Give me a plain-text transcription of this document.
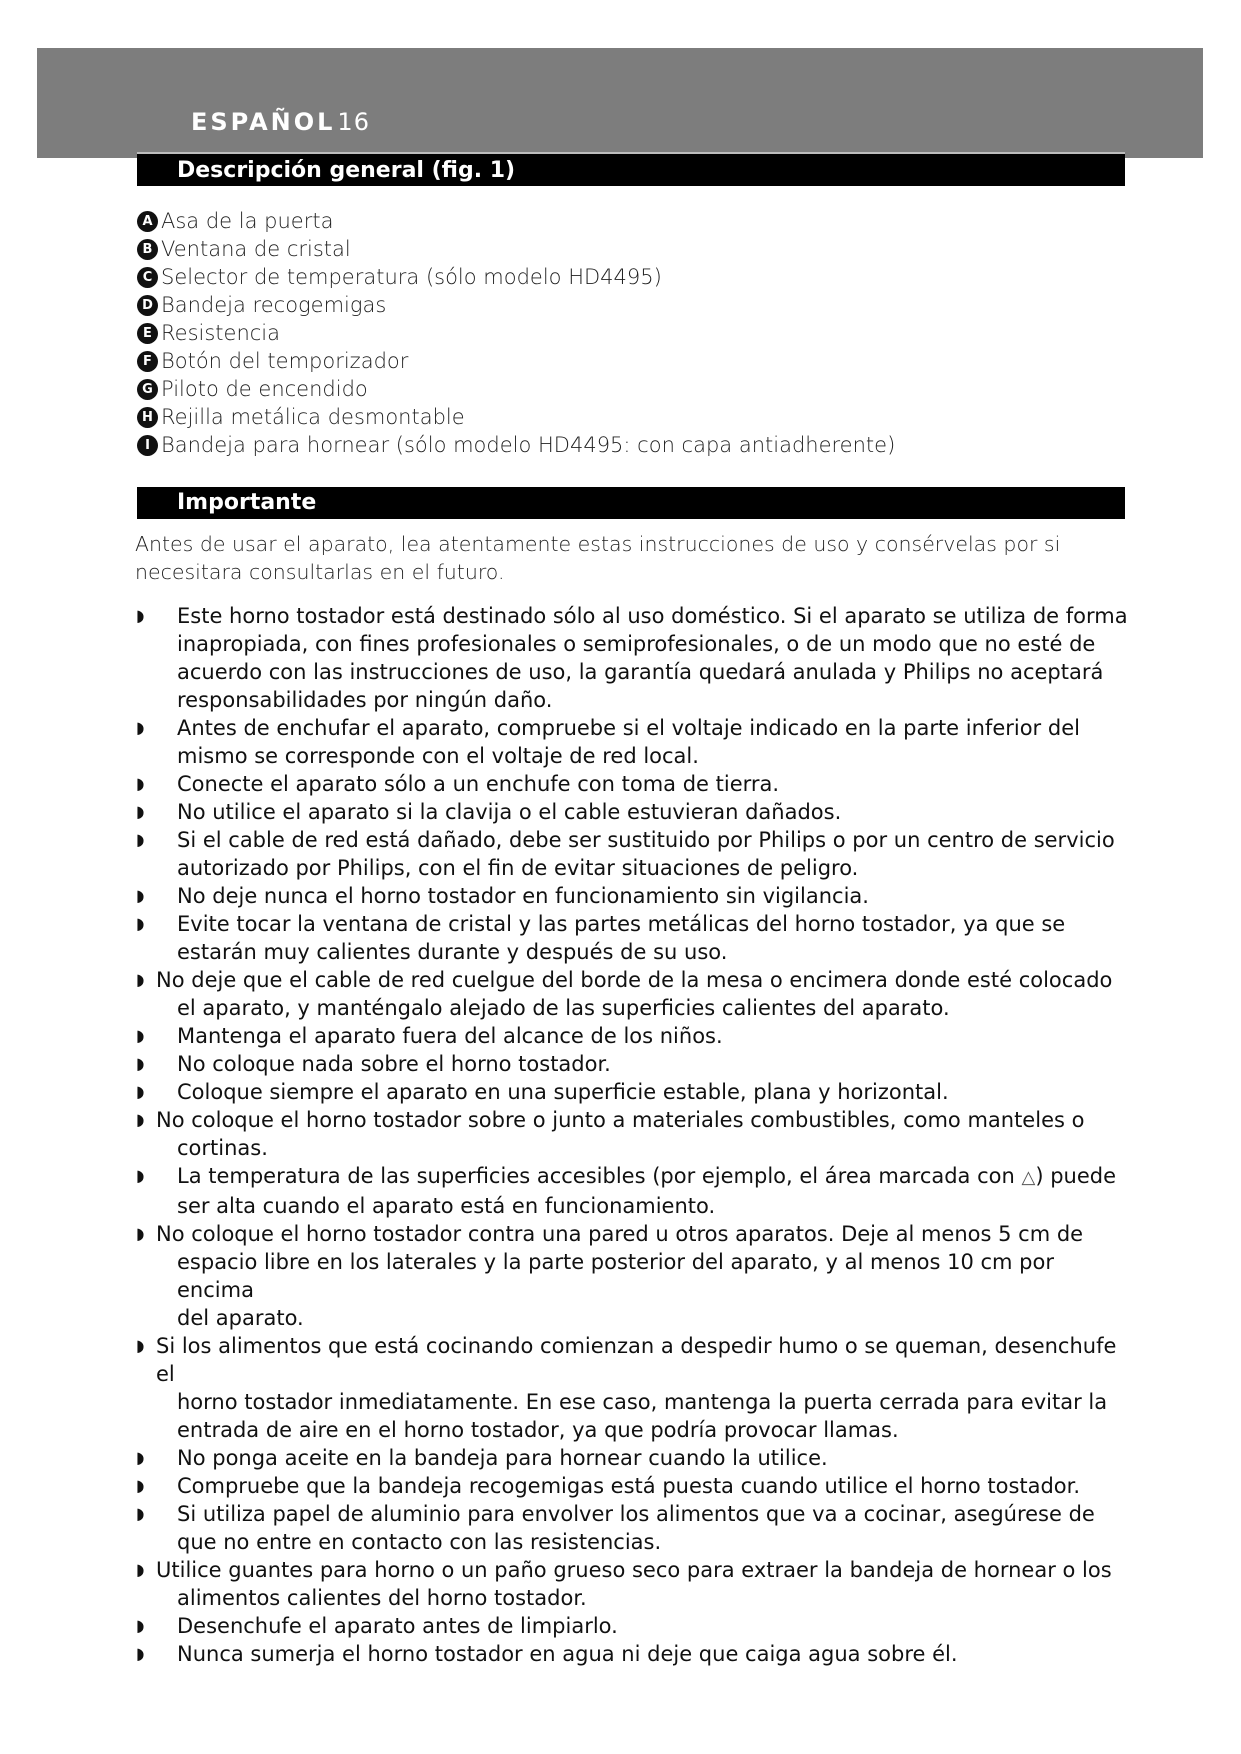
ESPAÑOL16
Descripción general (fig. 1)
A Asa de la puerta
B Ventana de cristal
C Selector de temperatura (sólo modelo HD4495)
D Bandeja recogemigas
E Resistencia
F Botón del temporizador
G Piloto de encendido
H Rejilla metálica desmontable
I Bandeja para hornear (sólo modelo HD4495: con capa antiadherente)
Importante

Antes de usar el aparato, lea atentamente estas instrucciones de uso y consérvelas por si necesitara consultarlas en el futuro.

◗ Este horno tostador está destinado sólo al uso doméstico. Si el aparato se utiliza de forma inapropiada, con fines profesionales o semiprofesionales, o de un modo que no esté de acuerdo con las instrucciones de uso, la garantía quedará anulada y Philips no aceptará responsabilidades por ningún daño.
◗ Antes de enchufar el aparato, compruebe si el voltaje indicado en la parte inferior del mismo se corresponde con el voltaje de red local.
◗ Conecte el aparato sólo a un enchufe con toma de tierra.
◗ No utilice el aparato si la clavija o el cable estuvieran dañados.
◗ Si el cable de red está dañado, debe ser sustituido por Philips o por un centro de servicio autorizado por Philips, con el fin de evitar situaciones de peligro.
◗ No deje nunca el horno tostador en funcionamiento sin vigilancia.
◗ Evite tocar la ventana de cristal y las partes metálicas del horno tostador, ya que se estarán muy calientes durante y después de su uso.
◗ No deje que el cable de red cuelgue del borde de la mesa o encimera donde esté colocado
el aparato, y manténgalo alejado de las superficies calientes del aparato.
◗ Mantenga el aparato fuera del alcance de los niños.
◗ No coloque nada sobre el horno tostador.
◗ Coloque siempre el aparato en una superficie estable, plana y horizontal.
◗ No coloque el horno tostador sobre o junto a materiales combustibles, como manteles o
cortinas.
◗ La temperatura de las superficies accesibles (por ejemplo, el área marcada con △) puede ser alta cuando el aparato está en funcionamiento.
◗ No coloque el horno tostador contra una pared u otros aparatos. Deje al menos 5 cm de
espacio libre en los laterales y la parte posterior del aparato, y al menos 10 cm por encima
del aparato.
◗ Si los alimentos que está cocinando comienzan a despedir humo o se queman, desenchufe el
horno tostador inmediatamente. En ese caso, mantenga la puerta cerrada para evitar la
entrada de aire en el horno tostador, ya que podría provocar llamas.
◗ No ponga aceite en la bandeja para hornear cuando la utilice.
◗ Compruebe que la bandeja recogemigas está puesta cuando utilice el horno tostador.
◗ Si utiliza papel de aluminio para envolver los alimentos que va a cocinar, asegúrese de que no entre en contacto con las resistencias.
◗ Utilice guantes para horno o un paño grueso seco para extraer la bandeja de hornear o los
alimentos calientes del horno tostador.
◗ Desenchufe el aparato antes de limpiarlo.
◗ Nunca sumerja el horno tostador en agua ni deje que caiga agua sobre él.
